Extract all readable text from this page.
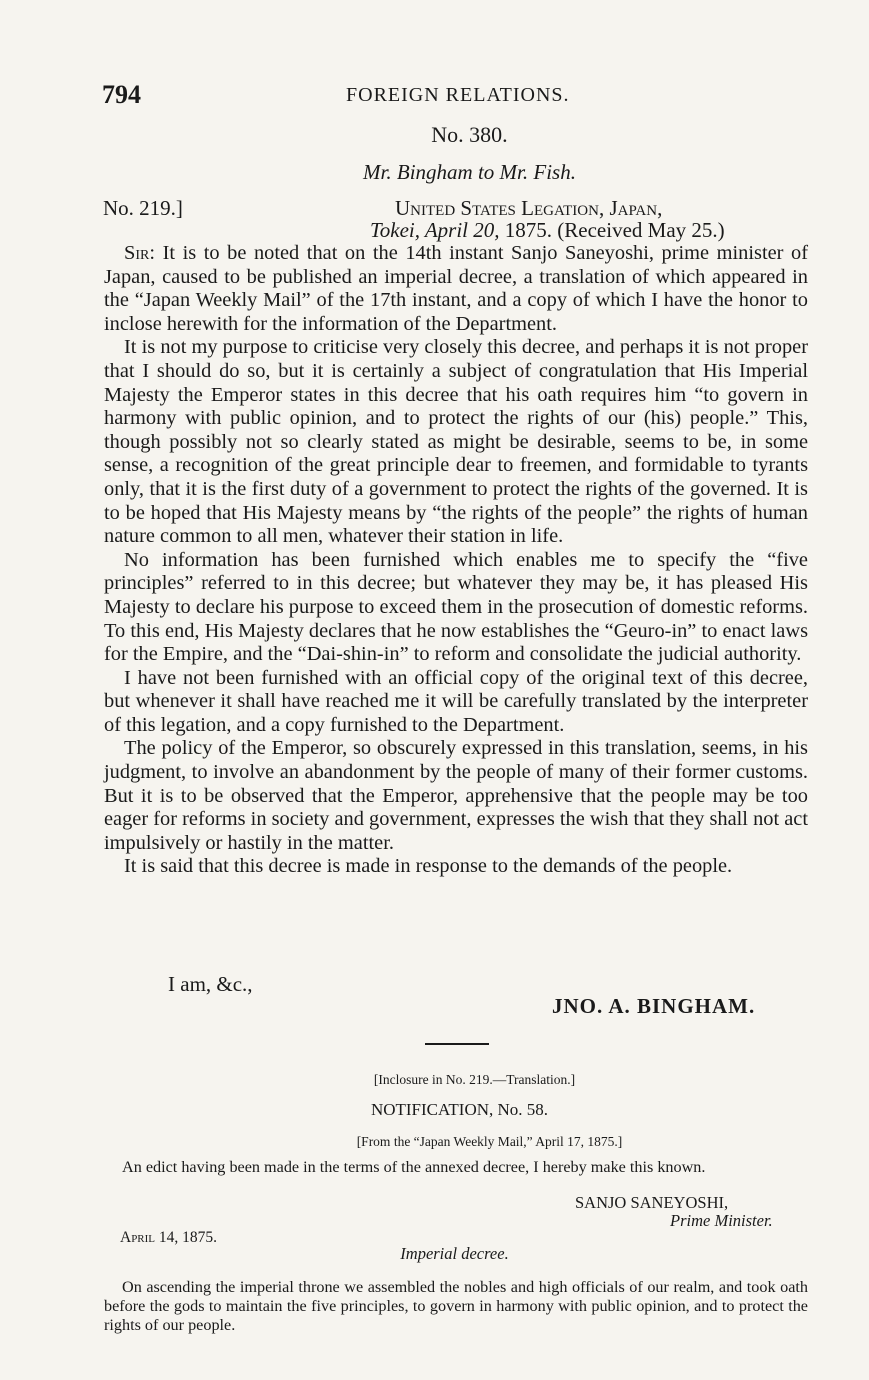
794	FOREIGN RELATIONS.
No. 380.
Mr. Bingham to Mr. Fish.
No. 219.]	United States Legation, Japan,
Tokei, April 20, 1875. (Received May 25.)

Sir: It is to be noted that on the 14th instant Sanjo Saneyoshi, prime minister of Japan, caused to be published an imperial decree, a translation of which appeared in the “Japan Weekly Mail” of the 17th instant, and a copy of which I have the honor to inclose herewith for the information of the Department.

It is not my purpose to criticise very closely this decree, and perhaps it is not proper that I should do so, but it is certainly a subject of congratulation that His Imperial Majesty the Emperor states in this decree that his oath requires him “to govern in harmony with public opinion, and to protect the rights of our (his) people.” This, though possibly not so clearly stated as might be desirable, seems to be, in some sense, a recognition of the great principle dear to freemen, and formidable to tyrants only, that it is the first duty of a government to protect the rights of the governed. It is to be hoped that His Majesty means by “the rights of the people” the rights of human nature common to all men, whatever their station in life.

No information has been furnished which enables me to specify the “five principles” referred to in this decree; but whatever they may be, it has pleased His Majesty to declare his purpose to exceed them in the prosecution of domestic reforms. To this end, His Majesty declares that he now establishes the “Geuro-in” to enact laws for the Empire, and the “Dai-shin-in” to reform and consolidate the judicial authority.

I have not been furnished with an official copy of the original text of this decree, but whenever it shall have reached me it will be carefully translated by the interpreter of this legation, and a copy furnished to the Department.

The policy of the Emperor, so obscurely expressed in this translation, seems, in his judgment, to involve an abandonment by the people of many of their former customs. But it is to be observed that the Emperor, apprehensive that the people may be too eager for reforms in society and government, expresses the wish that they shall not act impulsively or hastily in the matter.

It is said that this decree is made in response to the demands of the people.

I am, &c.,
JNO. A. BINGHAM.
[Inclosure in No. 219.—Translation.]
NOTIFICATION, No. 58.
[From the “Japan Weekly Mail,” April 17, 1875.]
An edict having been made in the terms of the annexed decree, I hereby make this known.
SANJO SANEYOSHI,
Prime Minister.
April 14, 1875.
Imperial decree.
On ascending the imperial throne we assembled the nobles and high officials of our realm, and took oath before the gods to maintain the five principles, to govern in harmony with public opinion, and to protect the rights of our people.
